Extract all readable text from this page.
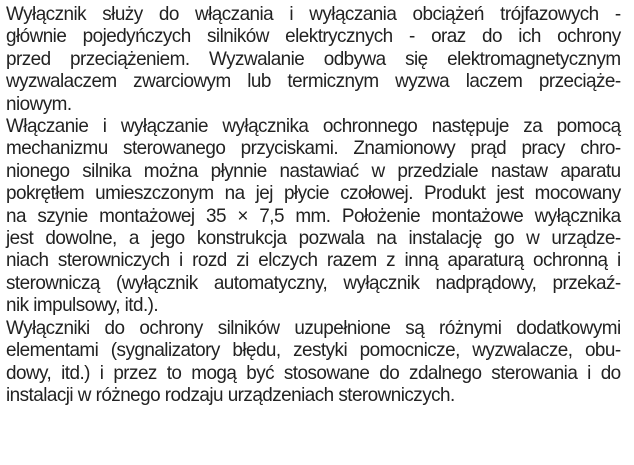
Wyłącznik służy do włączania i wyłączania obciążeń trójfazowych -
głównie pojedyńczych silników elektrycznych - oraz do ich ochrony
przed przeciążeniem. Wyzwalanie odbywa się elektromagnetycznym
wyzwalaczem zwarciowym lub termicznym wyzwa laczem przeciąże-
niowym.

Włączanie i wyłączanie wyłącznika ochronnego następuje za pomocą
mechanizmu sterowanego przyciskami. Znamionowy prąd pracy chro-
nionego silnika można płynnie nastawiać w przedziale nastaw aparatu
pokrętłem umieszczonym na jej płycie czołowej. Produkt jest mocowany
na szynie montażowej 35 × 7,5 mm. Położenie montażowe wyłącznika
jest dowolne, a jego konstrukcja pozwala na instalację go w urządze-
niach sterowniczych i rozd zi elczych razem z inną aparaturą ochronną i
sterowniczą (wyłącznik automatyczny, wyłącznik nadprądowy, przekaź-
nik impulsowy, itd.).

Wyłączniki do ochrony silników uzupełnione są różnymi dodatkowymi
elementami (sygnalizatory błędu, zestyki pomocnicze, wyzwalacze, obu-
dowy, itd.) i przez to mogą być stosowane do zdalnego sterowania i do
instalacji w różnego rodzaju urządzeniach sterowniczych.
